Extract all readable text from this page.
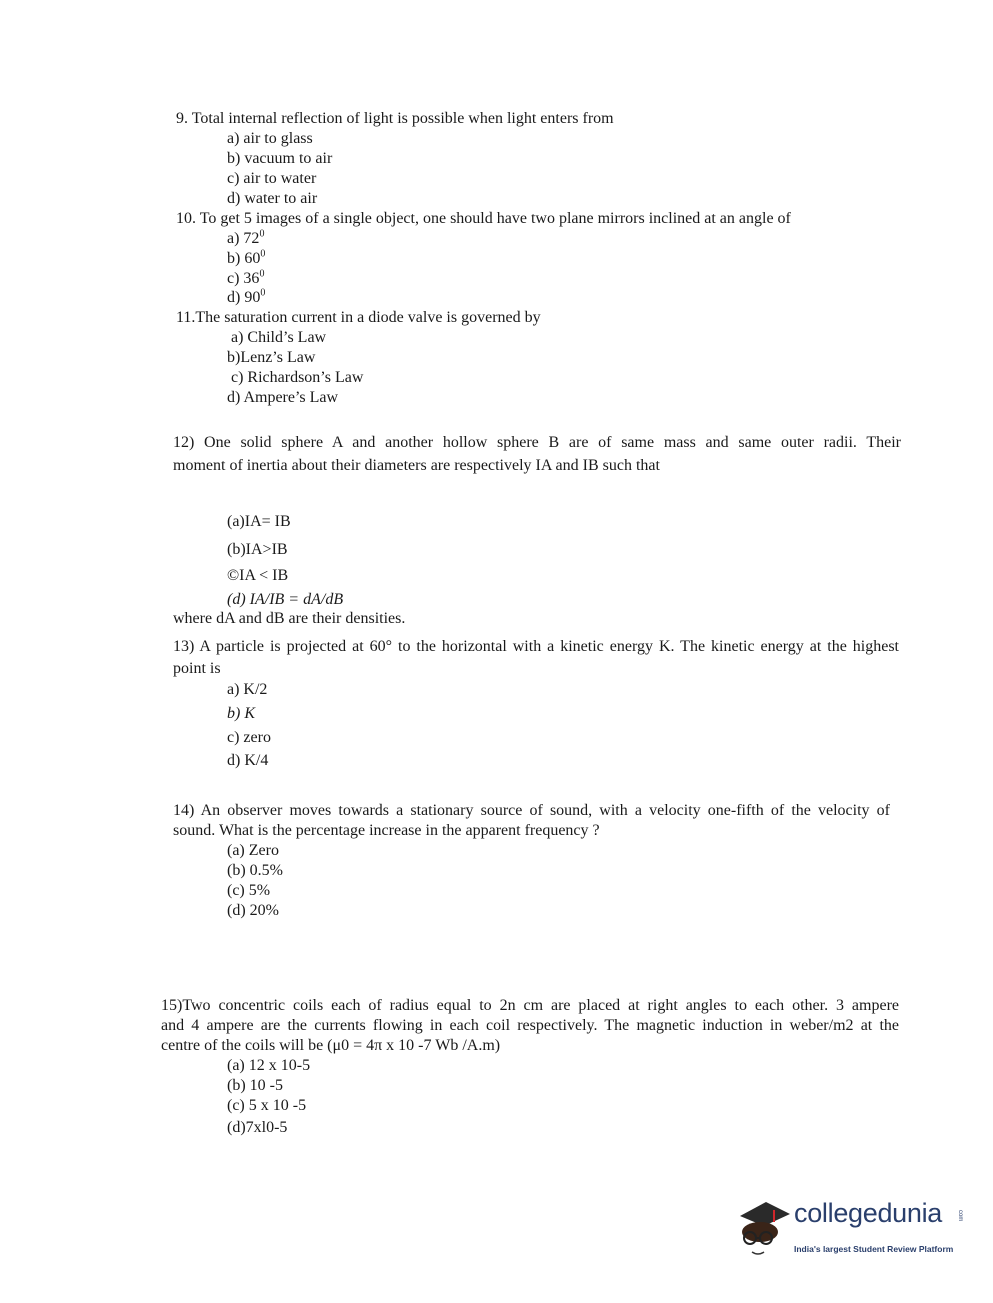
9. Total internal reflection of light is possible when light enters from
a) air to glass
b) vacuum to air
c) air to water
d) water to air
10. To get 5 images of a single object, one should have two plane mirrors inclined at an angle of
a) $72^0$
b) $60^0$
c) $36^0$
d) $90^0$
11.The saturation current in a diode valve is governed by
a) Child’s Law
b)Lenz’s Law
c) Richardson’s Law
d) Ampere’s Law
12) One solid sphere A and another hollow sphere B are of same mass and same outer radii. Their
moment of inertia about their diameters are respectively IA and IB such that
(a)IA= IB
(b)IA>IB
©IA < IB
(d) IA/IB = dA/dB
where dA and dB are their densities.
13) A particle is projected at 60° to the horizontal with a kinetic energy K. The kinetic energy at the highest
point is
a) K/2
b) K
c) zero
d) K/4
14) An observer moves towards a stationary source of sound, with a velocity one-fifth of the velocity of
sound. What is the percentage increase in the apparent frequency ?
(a) Zero
(b) 0.5%
(c) 5%
(d) 20%
15)Two concentric coils each of radius equal to 2n cm are placed at right angles to each other. 3 ampere
and 4 ampere are the currents flowing in each coil respectively. The magnetic induction in weber/m2 at the
centre of the coils will be (μ0 = 4π x 10 -7 Wb /A.m)
(a) 12 x 10-5
(b) 10 -5
(c) 5 x 10 -5
(d)7xl0-5
collegedunia com
India's largest Student Review Platform
